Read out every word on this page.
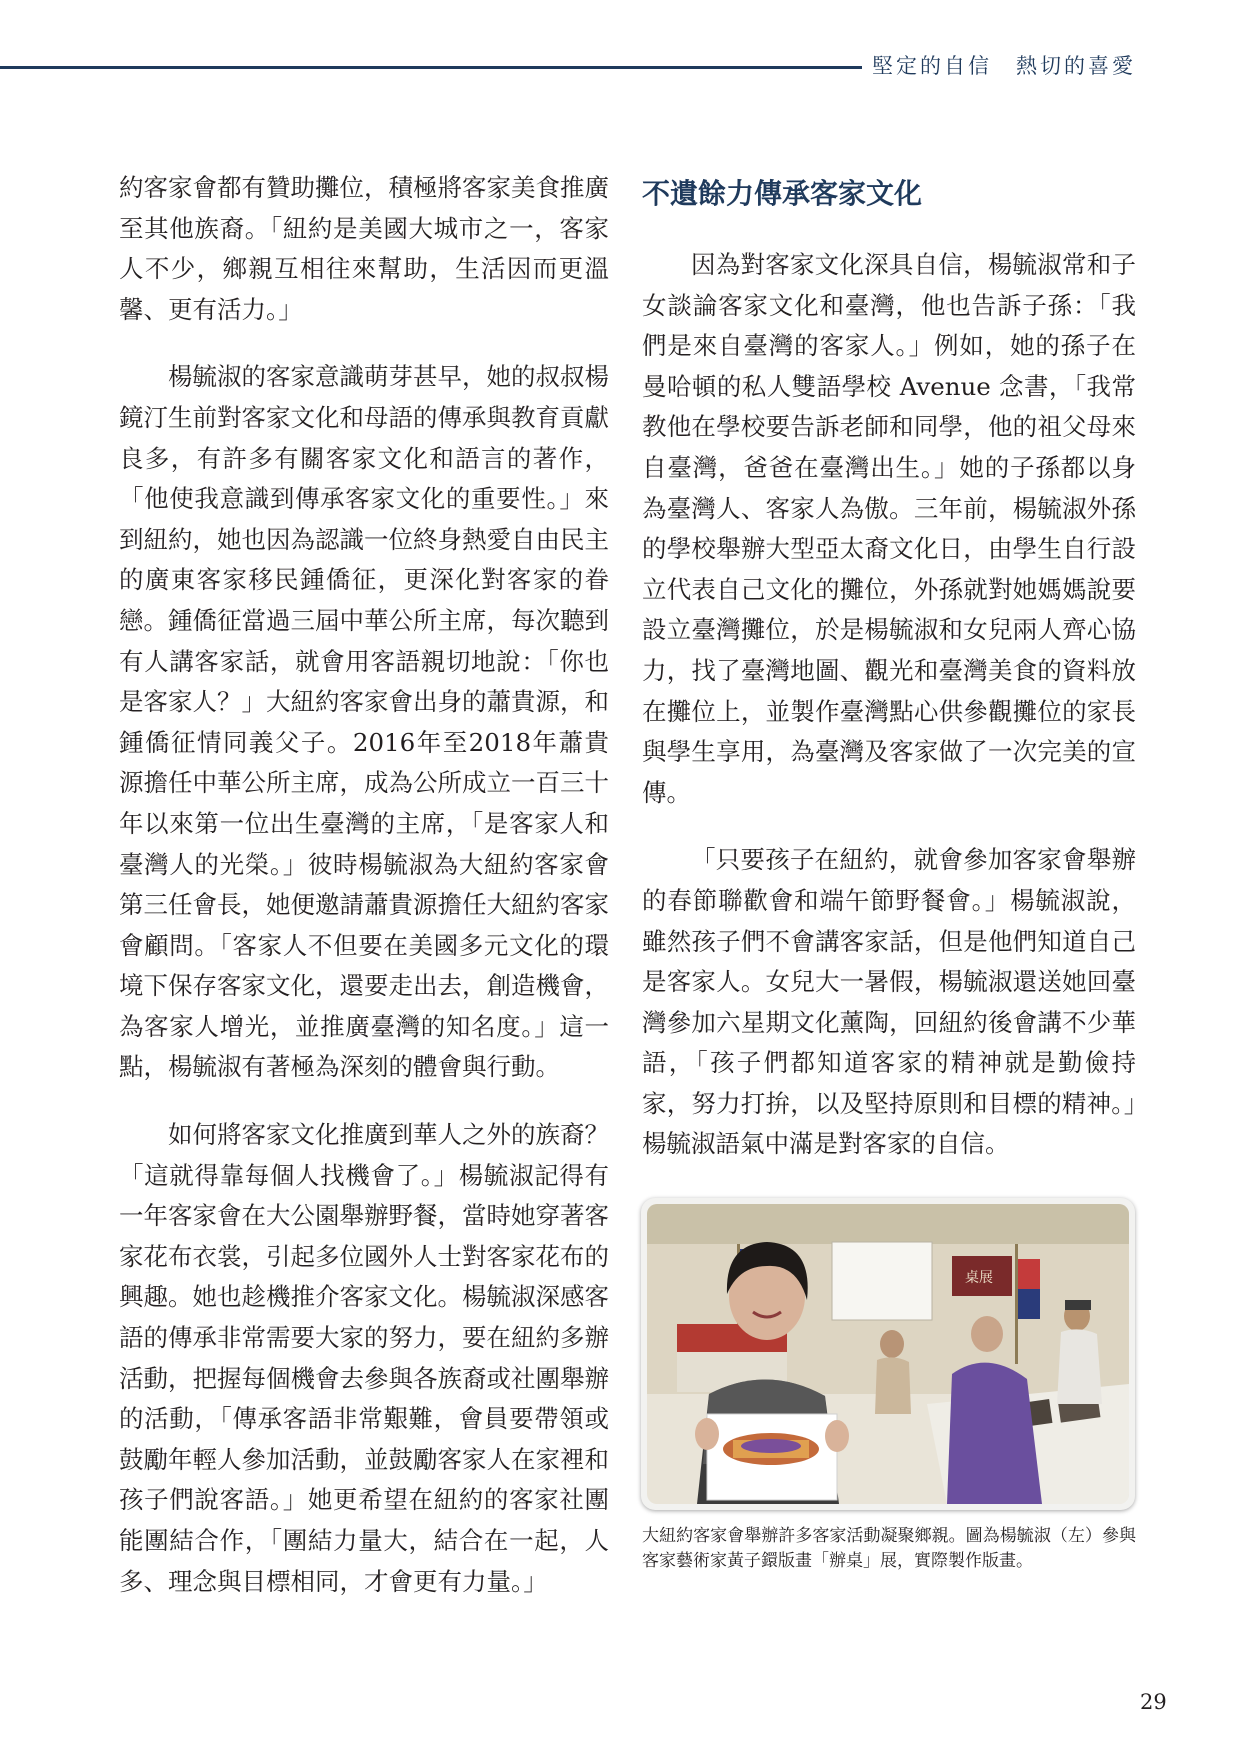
堅定的自信　熱切的喜愛

約客家會都有贊助攤位，積極將客家美食推廣至其他族裔。「紐約是美國大城市之一，客家人不少，鄉親互相往來幫助，生活因而更溫馨、更有活力。」

楊毓淑的客家意識萌芽甚早，她的叔叔楊鏡汀生前對客家文化和母語的傳承與教育貢獻良多，有許多有關客家文化和語言的著作，「他使我意識到傳承客家文化的重要性。」來到紐約，她也因為認識一位終身熱愛自由民主的廣東客家移民鍾僑征，更深化對客家的眷戀。鍾僑征當過三屆中華公所主席，每次聽到有人講客家話，就會用客語親切地說：「你也是客家人？」大紐約客家會出身的蕭貴源，和鍾僑征情同義父子。2016年至2018年蕭貴源擔任中華公所主席，成為公所成立一百三十年以來第一位出生臺灣的主席，「是客家人和臺灣人的光榮。」彼時楊毓淑為大紐約客家會第三任會長，她便邀請蕭貴源擔任大紐約客家會顧問。「客家人不但要在美國多元文化的環境下保存客家文化，還要走出去，創造機會，為客家人增光，並推廣臺灣的知名度。」這一點，楊毓淑有著極為深刻的體會與行動。

如何將客家文化推廣到華人之外的族裔？「這就得靠每個人找機會了。」楊毓淑記得有一年客家會在大公園舉辦野餐，當時她穿著客家花布衣裳，引起多位國外人士對客家花布的興趣。她也趁機推介客家文化。楊毓淑深感客語的傳承非常需要大家的努力，要在紐約多辦活動，把握每個機會去參與各族裔或社團舉辦的活動，「傳承客語非常艱難，會員要帶領或鼓勵年輕人參加活動，並鼓勵客家人在家裡和孩子們說客語。」她更希望在紐約的客家社團能團結合作，「團結力量大，結合在一起，人多、理念與目標相同，才會更有力量。」

不遺餘力傳承客家文化

因為對客家文化深具自信，楊毓淑常和子女談論客家文化和臺灣，他也告訴子孫：「我們是來自臺灣的客家人。」例如，她的孫子在曼哈頓的私人雙語學校 Avenue 念書，「我常教他在學校要告訴老師和同學，他的祖父母來自臺灣，爸爸在臺灣出生。」她的子孫都以身為臺灣人、客家人為傲。三年前，楊毓淑外孫的學校舉辦大型亞太裔文化日，由學生自行設立代表自己文化的攤位，外孫就對她媽媽說要設立臺灣攤位，於是楊毓淑和女兒兩人齊心協力，找了臺灣地圖、觀光和臺灣美食的資料放在攤位上，並製作臺灣點心供參觀攤位的家長與學生享用，為臺灣及客家做了一次完美的宣傳。

「只要孩子在紐約，就會參加客家會舉辦的春節聯歡會和端午節野餐會。」楊毓淑說，雖然孩子們不會講客家話，但是他們知道自己是客家人。女兒大一暑假，楊毓淑還送她回臺灣參加六星期文化薰陶，回紐約後會講不少華語，「孩子們都知道客家的精神就是勤儉持家，努力打拚，以及堅持原則和目標的精神。」楊毓淑語氣中滿是對客家的自信。

桌展
大紐約客家會舉辦許多客家活動凝聚鄉親。圖為楊毓淑（左）參與客家藝術家黃子鐶版畫「辦桌」展，實際製作版畫。
29
